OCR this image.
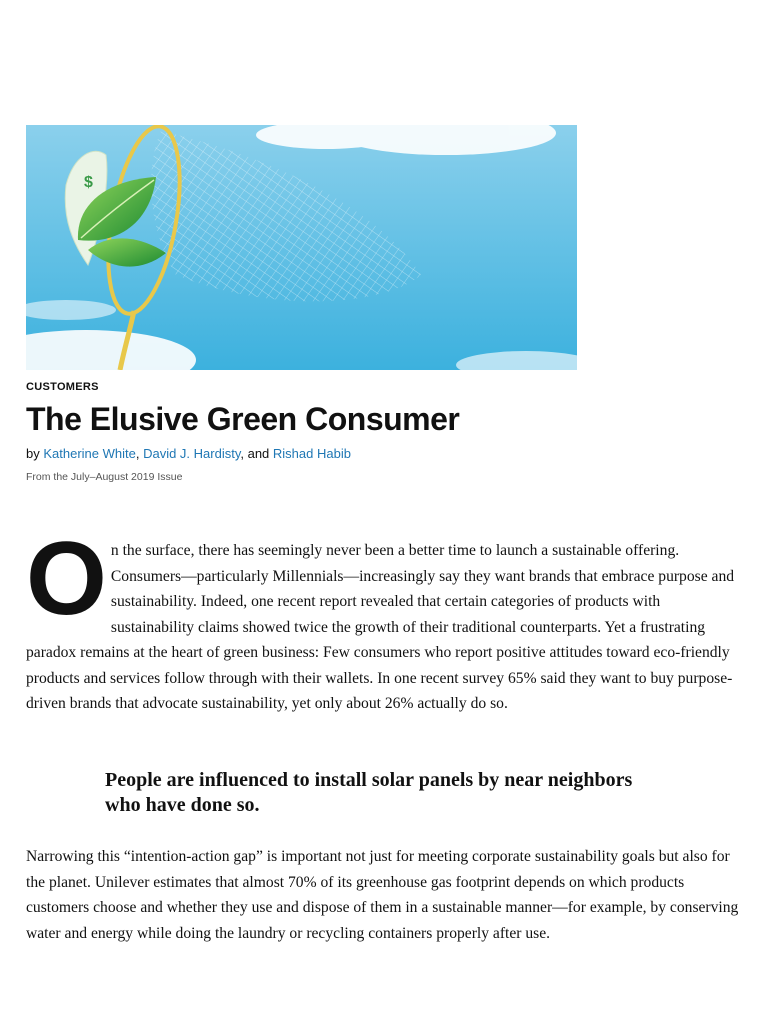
$
CUSTOMERS
The Elusive Green Consumer
by Katherine White, David J. Hardisty, and Rishad Habib
From the July–August 2019 Issue

On the surface, there has seemingly never been a better time to launch a sustainable offering. Consumers—particularly Millennials—increasingly say they want brands that embrace purpose and sustainability. Indeed, one recent report revealed that certain categories of products with sustainability claims showed twice the growth of their traditional counterparts. Yet a frustrating paradox remains at the heart of green business: Few consumers who report positive attitudes toward eco-friendly products and services follow through with their wallets. In one recent survey 65% said they want to buy purpose-driven brands that advocate sustainability, yet only about 26% actually do so.

People are influenced to install solar panels by near neighbors who have done so.

Narrowing this “intention-action gap” is important not just for meeting corporate sustainability goals but also for the planet. Unilever estimates that almost 70% of its greenhouse gas footprint depends on which products customers choose and whether they use and dispose of them in a sustainable manner—for example, by conserving water and energy while doing the laundry or recycling containers properly after use.
